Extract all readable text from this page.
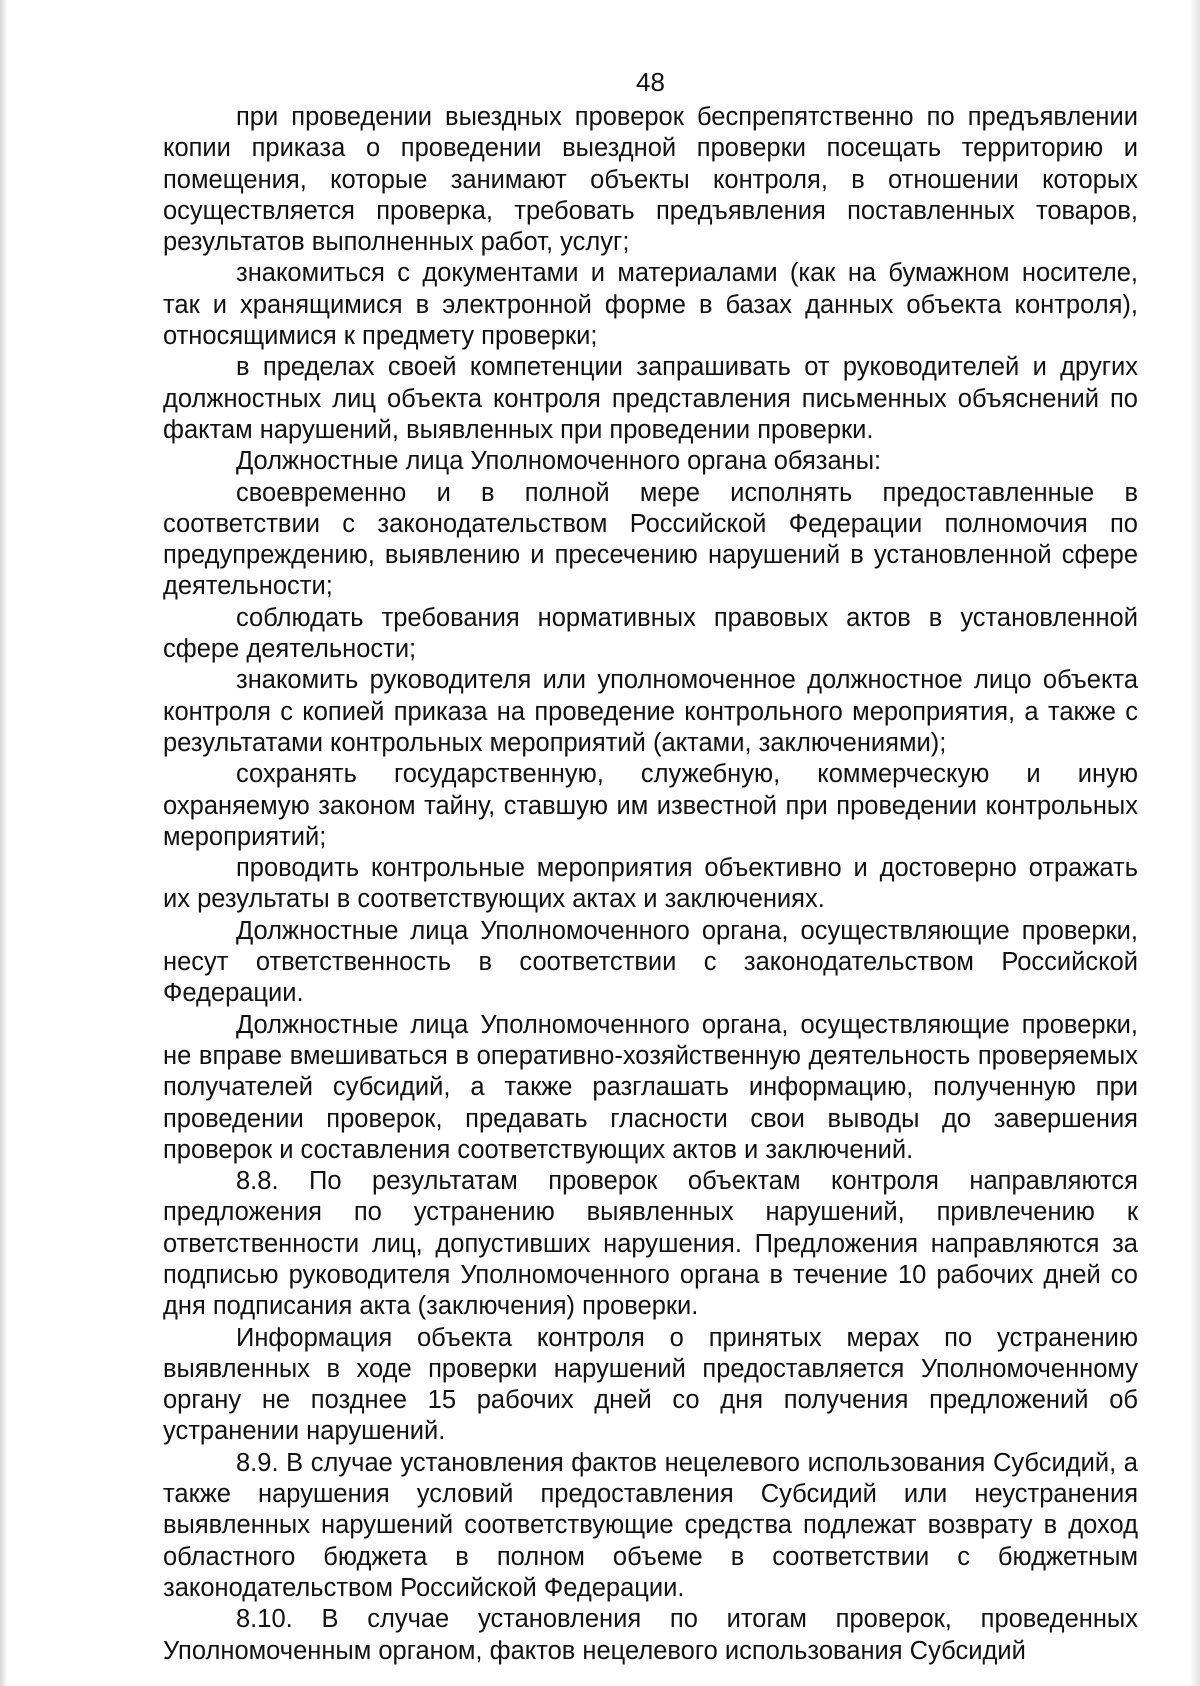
48

при проведении выездных проверок беспрепятственно по предъявлении копии приказа о проведении выездной проверки посещать территорию и помещения, которые занимают объекты контроля, в отношении которых осуществляется проверка, требовать предъявления поставленных товаров, результатов выполненных работ, услуг;

знакомиться с документами и материалами (как на бумажном носителе, так и хранящимися в электронной форме в базах данных объекта контроля), относящимися к предмету проверки;

в пределах своей компетенции запрашивать от руководителей и других должностных лиц объекта контроля представления письменных объяснений по фактам нарушений, выявленных при проведении проверки.

Должностные лица Уполномоченного органа обязаны:

своевременно и в полной мере исполнять предоставленные в соответствии с законодательством Российской Федерации полномочия по предупреждению, выявлению и пресечению нарушений в установленной сфере деятельности;

соблюдать требования нормативных правовых актов в установленной сфере деятельности;

знакомить руководителя или уполномоченное должностное лицо объекта контроля с копией приказа на проведение контрольного мероприятия, а также с результатами контрольных мероприятий (актами, заключениями);

сохранять государственную, служебную, коммерческую и иную охраняемую законом тайну, ставшую им известной при проведении контрольных мероприятий;

проводить контрольные мероприятия объективно и достоверно отражать их результаты в соответствующих актах и заключениях.

Должностные лица Уполномоченного органа, осуществляющие проверки, несут ответственность в соответствии с законодательством Российской Федерации.

Должностные лица Уполномоченного органа, осуществляющие проверки, не вправе вмешиваться в оперативно-хозяйственную деятельность проверяемых получателей субсидий, а также разглашать информацию, полученную при проведении проверок, предавать гласности свои выводы до завершения проверок и составления соответствующих актов и заключений.

8.8. По результатам проверок объектам контроля направляются предложения по устранению выявленных нарушений, привлечению к ответственности лиц, допустивших нарушения. Предложения направляются за подписью руководителя Уполномоченного органа в течение 10 рабочих дней со дня подписания акта (заключения) проверки.

Информация объекта контроля о принятых мерах по устранению выявленных в ходе проверки нарушений предоставляется Уполномоченному органу не позднее 15 рабочих дней со дня получения предложений об устранении нарушений.

8.9. В случае установления фактов нецелевого использования Субсидий, а также нарушения условий предоставления Субсидий или неустранения выявленных нарушений соответствующие средства подлежат возврату в доход областного бюджета в полном объеме в соответствии с бюджетным законодательством Российской Федерации.

8.10. В случае установления по итогам проверок, проведенных Уполномоченным органом, фактов нецелевого использования Субсидий
